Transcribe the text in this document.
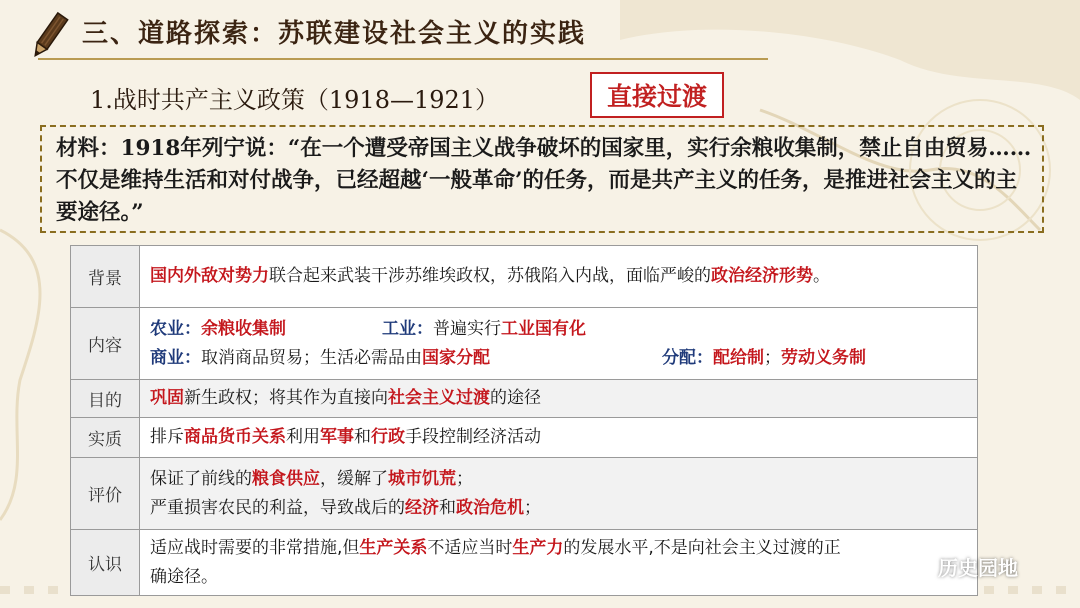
三、道路探索：苏联建设社会主义的实践
1.战时共产主义政策（1918—1921）	直接过渡
材料：1918年列宁说：“在一个遭受帝国主义战争破坏的国家里，实行余粮收集制，禁止自由贸易……不仅是维持生活和对付战争，已经超越‘一般革命’的任务，而是共产主义的任务，是推进社会主义的主要途径。”
背景	国内外敌对势力联合起来武装干涉苏维埃政权，苏俄陷入内战，面临严峻的政治经济形势。

内容	农业：余粮收集制 工业：普遍实行工业国有化
商业：取消商品贸易；生活必需品由国家分配 分配：配给制；劳动义务制

目的	巩固新生政权；将其作为直接向社会主义过渡的途径

实质	排斥商品货币关系利用军事和行政手段控制经济活动

评价	保证了前线的粮食供应，缓解了城市饥荒；
严重损害农民的利益，导致战后的经济和政治危机；

认识	适应战时需要的非常措施,但生产关系不适应当时生产力的发展水平,不是向社会主义过渡的正确途径。	历史园地
